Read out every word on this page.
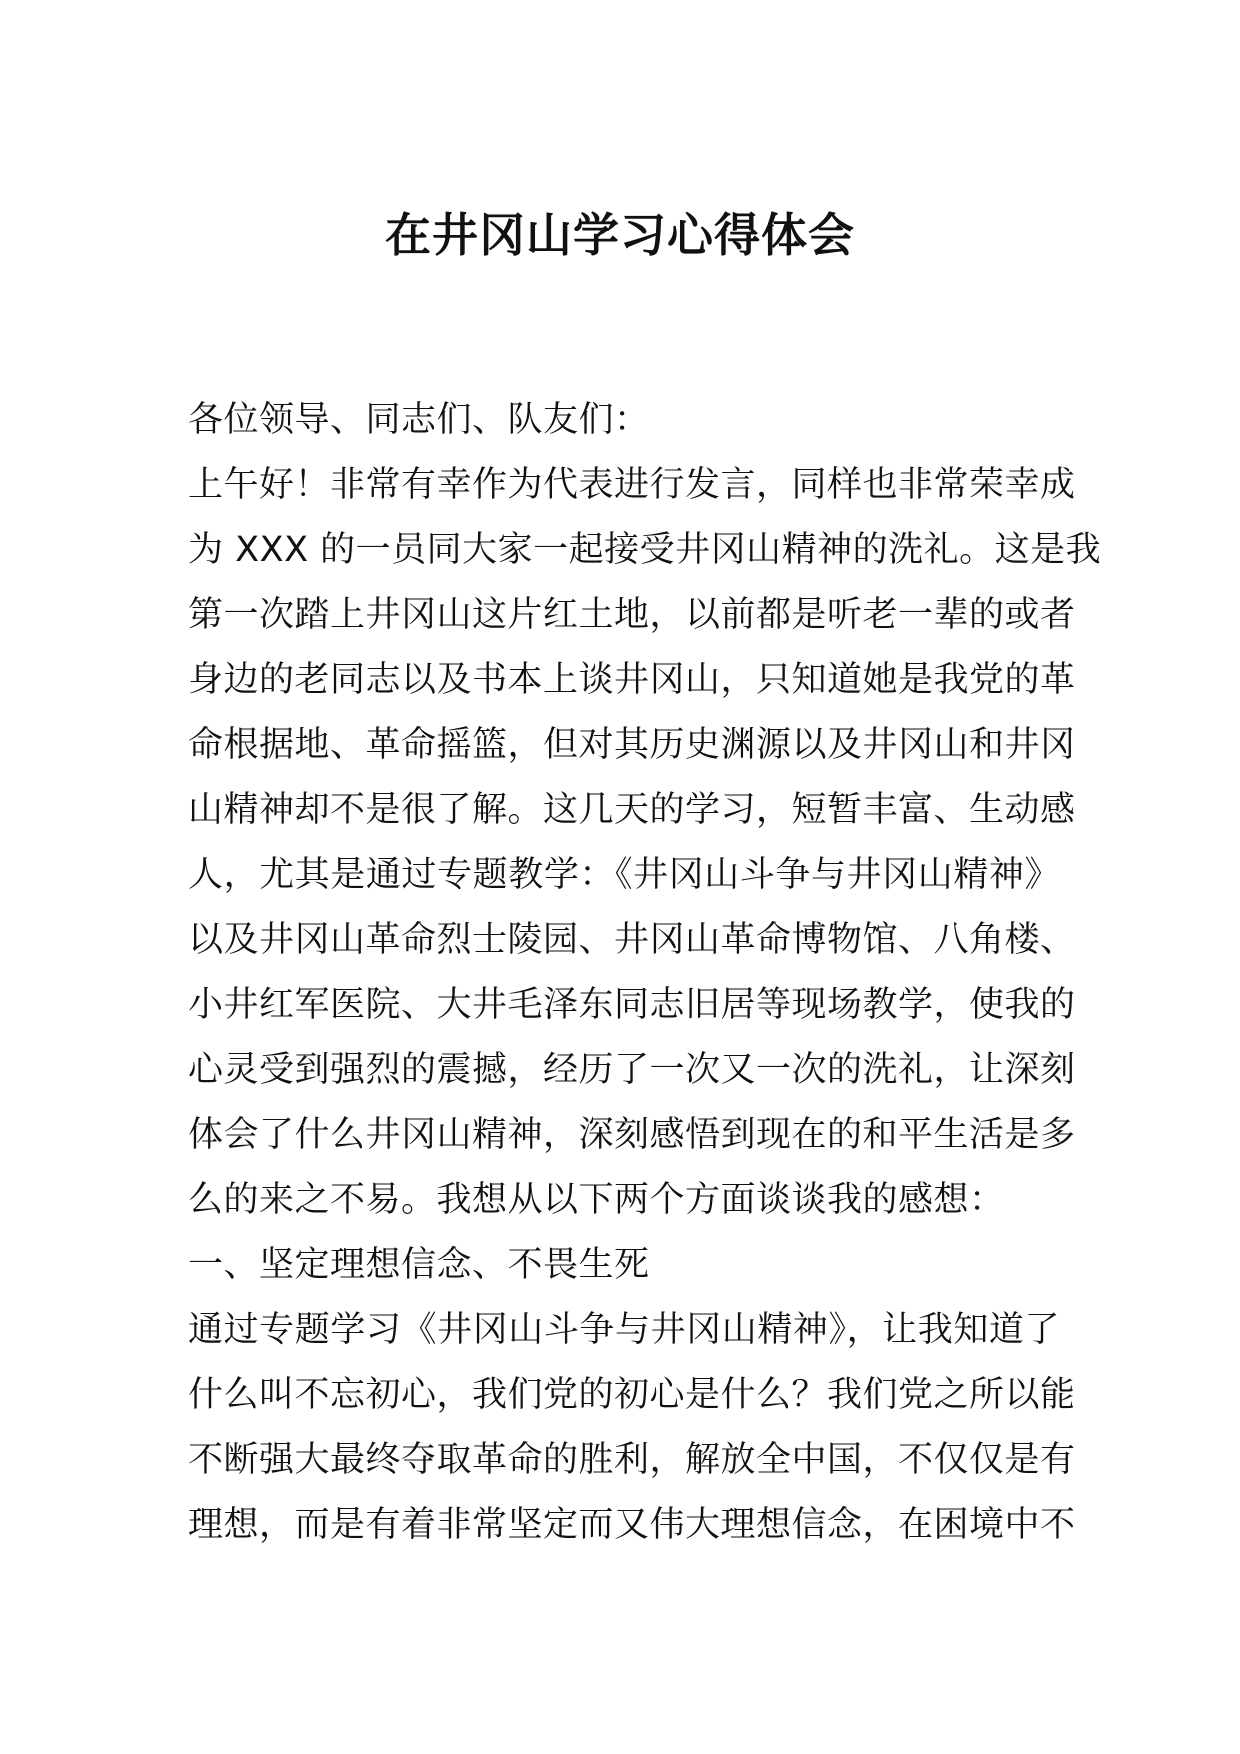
在井冈山学习心得体会
各位领导、同志们、队友们：
上午好！非常有幸作为代表进行发言，同样也非常荣幸成
为 XXX 的一员同大家一起接受井冈山精神的洗礼。这是我
第一次踏上井冈山这片红土地，以前都是听老一辈的或者
身边的老同志以及书本上谈井冈山，只知道她是我党的革
命根据地、革命摇篮，但对其历史渊源以及井冈山和井冈
山精神却不是很了解。这几天的学习，短暂丰富、生动感
人，尤其是通过专题教学：《井冈山斗争与井冈山精神》
以及井冈山革命烈士陵园、井冈山革命博物馆、八角楼、
小井红军医院、大井毛泽东同志旧居等现场教学，使我的
心灵受到强烈的震撼，经历了一次又一次的洗礼，让深刻
体会了什么井冈山精神，深刻感悟到现在的和平生活是多
么的来之不易。我想从以下两个方面谈谈我的感想：
一、坚定理想信念、不畏生死
通过专题学习《井冈山斗争与井冈山精神》，让我知道了
什么叫不忘初心，我们党的初心是什么？我们党之所以能
不断强大最终夺取革命的胜利，解放全中国，不仅仅是有
理想，而是有着非常坚定而又伟大理想信念，在困境中不
